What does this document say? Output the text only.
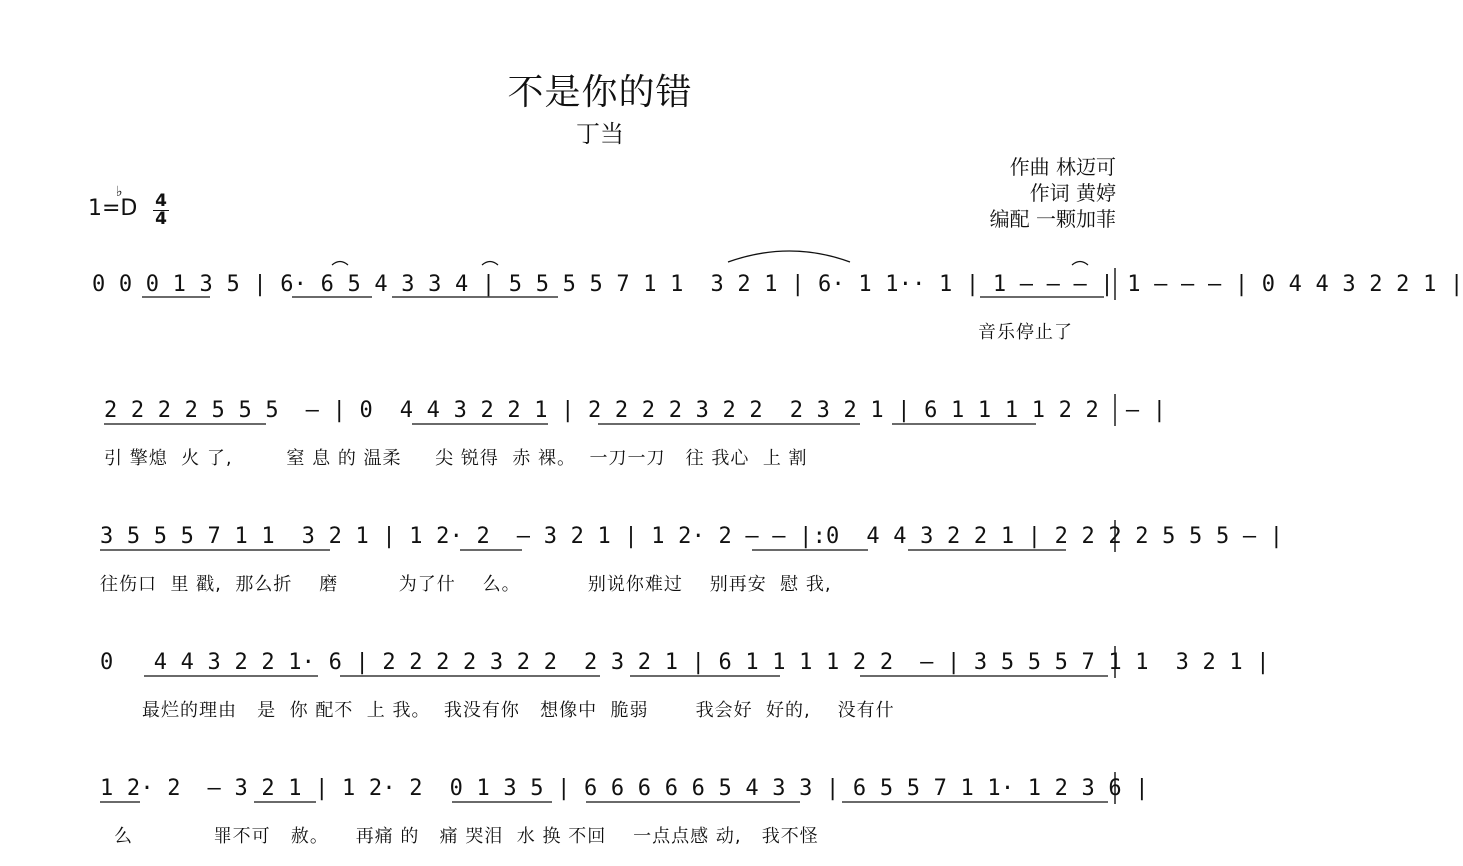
不是你的错
丁当
作曲 林迈可
作词 黄婷
编配 一颗加菲
1=D
♭ 4
4
0 0 0 1 3 5 | 6· 6 5 4 3 3 4 | 5 5 5 5 7 1 1  3 2 1 | 6· 1 1·· 1 | 1 – – – | 1 – – – | 0 4 4 3 2 2 1 |
音乐停止了
2 2 2 2 5 5 5  – | 0  4 4 3 2 2 1 | 2 2 2 2 3 2 2  2 3 2 1 | 6 1 1 1 1 2 2  – |
引 擎熄  火 了,        窒 息 的 温柔     尖 锐得  赤 裸。  一刀一刀   往 我心  上 割
3 5 5 5 7 1 1  3 2 1 | 1 2· 2  – 3 2 1 | 1 2· 2 – – |:0  4 4 3 2 2 1 | 2 2 2 2 5 5 5 – |
往伤口  里 戳,  那么折    磨         为了什    么。          别说你难过    别再安  慰 我,
0   4 4 3 2 2 1· 6 | 2 2 2 2 3 2 2  2 3 2 1 | 6 1 1 1 1 2 2  – | 3 5 5 5 7 1 1  3 2 1 |
最烂的理由   是  你 配不  上 我。  我没有你   想像中  脆弱       我会好  好的,    没有什
1 2· 2  – 3 2 1 | 1 2· 2  0 1 3 5 | 6 6 6 6 6 5 4 3 3 | 6 5 5 7 1 1· 1 2 3 6 |
么            罪不可   赦。    再痛 的   痛 哭泪  水 换 不回    一点点感 动,   我不怪
